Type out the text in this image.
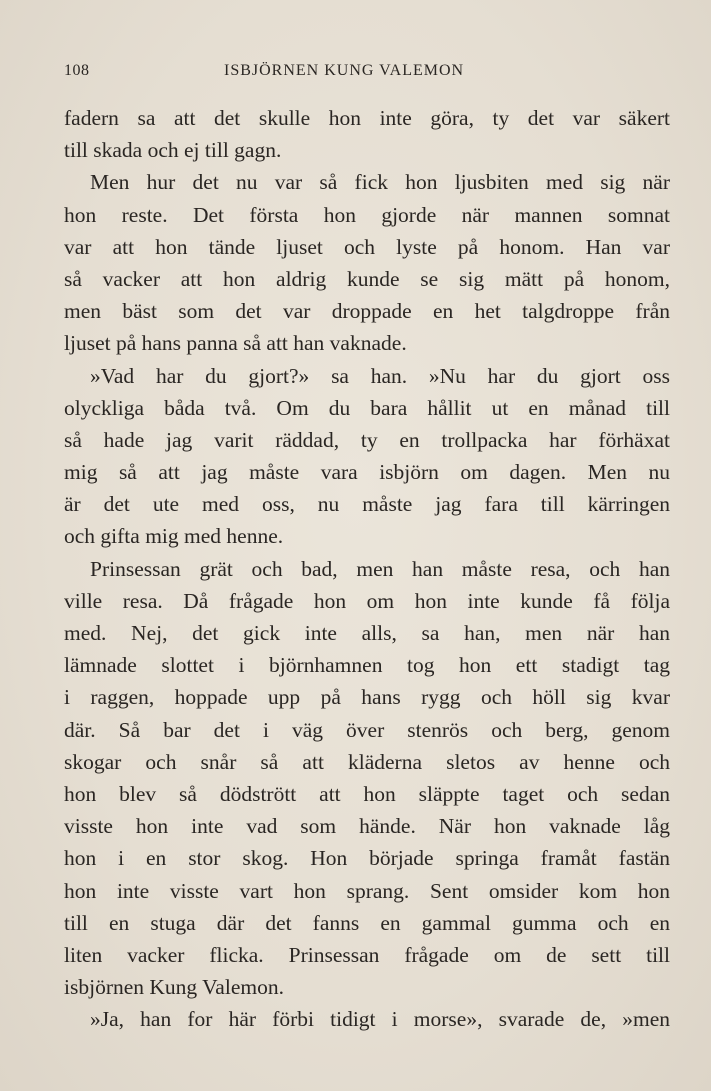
108	ISBJÖRNEN KUNG VALEMON
fadern sa att det skulle hon inte göra, ty det var säkert
till skada och ej till gagn.
Men hur det nu var så fick hon ljusbiten med sig när
hon reste. Det första hon gjorde när mannen somnat
var att hon tände ljuset och lyste på honom. Han var
så vacker att hon aldrig kunde se sig mätt på honom,
men bäst som det var droppade en het talgdroppe från
ljuset på hans panna så att han vaknade.
»Vad har du gjort?» sa han. »Nu har du gjort oss
olyckliga båda två. Om du bara hållit ut en månad till
så hade jag varit räddad, ty en trollpacka har förhäxat
mig så att jag måste vara isbjörn om dagen. Men nu
är det ute med oss, nu måste jag fara till kärringen
och gifta mig med henne.
Prinsessan grät och bad, men han måste resa, och han
ville resa. Då frågade hon om hon inte kunde få följa
med. Nej, det gick inte alls, sa han, men när han
lämnade slottet i björnhamnen tog hon ett stadigt tag
i raggen, hoppade upp på hans rygg och höll sig kvar
där. Så bar det i väg över stenrös och berg, genom
skogar och snår så att kläderna sletos av henne och
hon blev så dödstrött att hon släppte taget och sedan
visste hon inte vad som hände. När hon vaknade låg
hon i en stor skog. Hon började springa framåt fastän
hon inte visste vart hon sprang. Sent omsider kom hon
till en stuga där det fanns en gammal gumma och en
liten vacker flicka. Prinsessan frågade om de sett till
isbjörnen Kung Valemon.
»Ja, han for här förbi tidigt i morse», svarade de, »men
